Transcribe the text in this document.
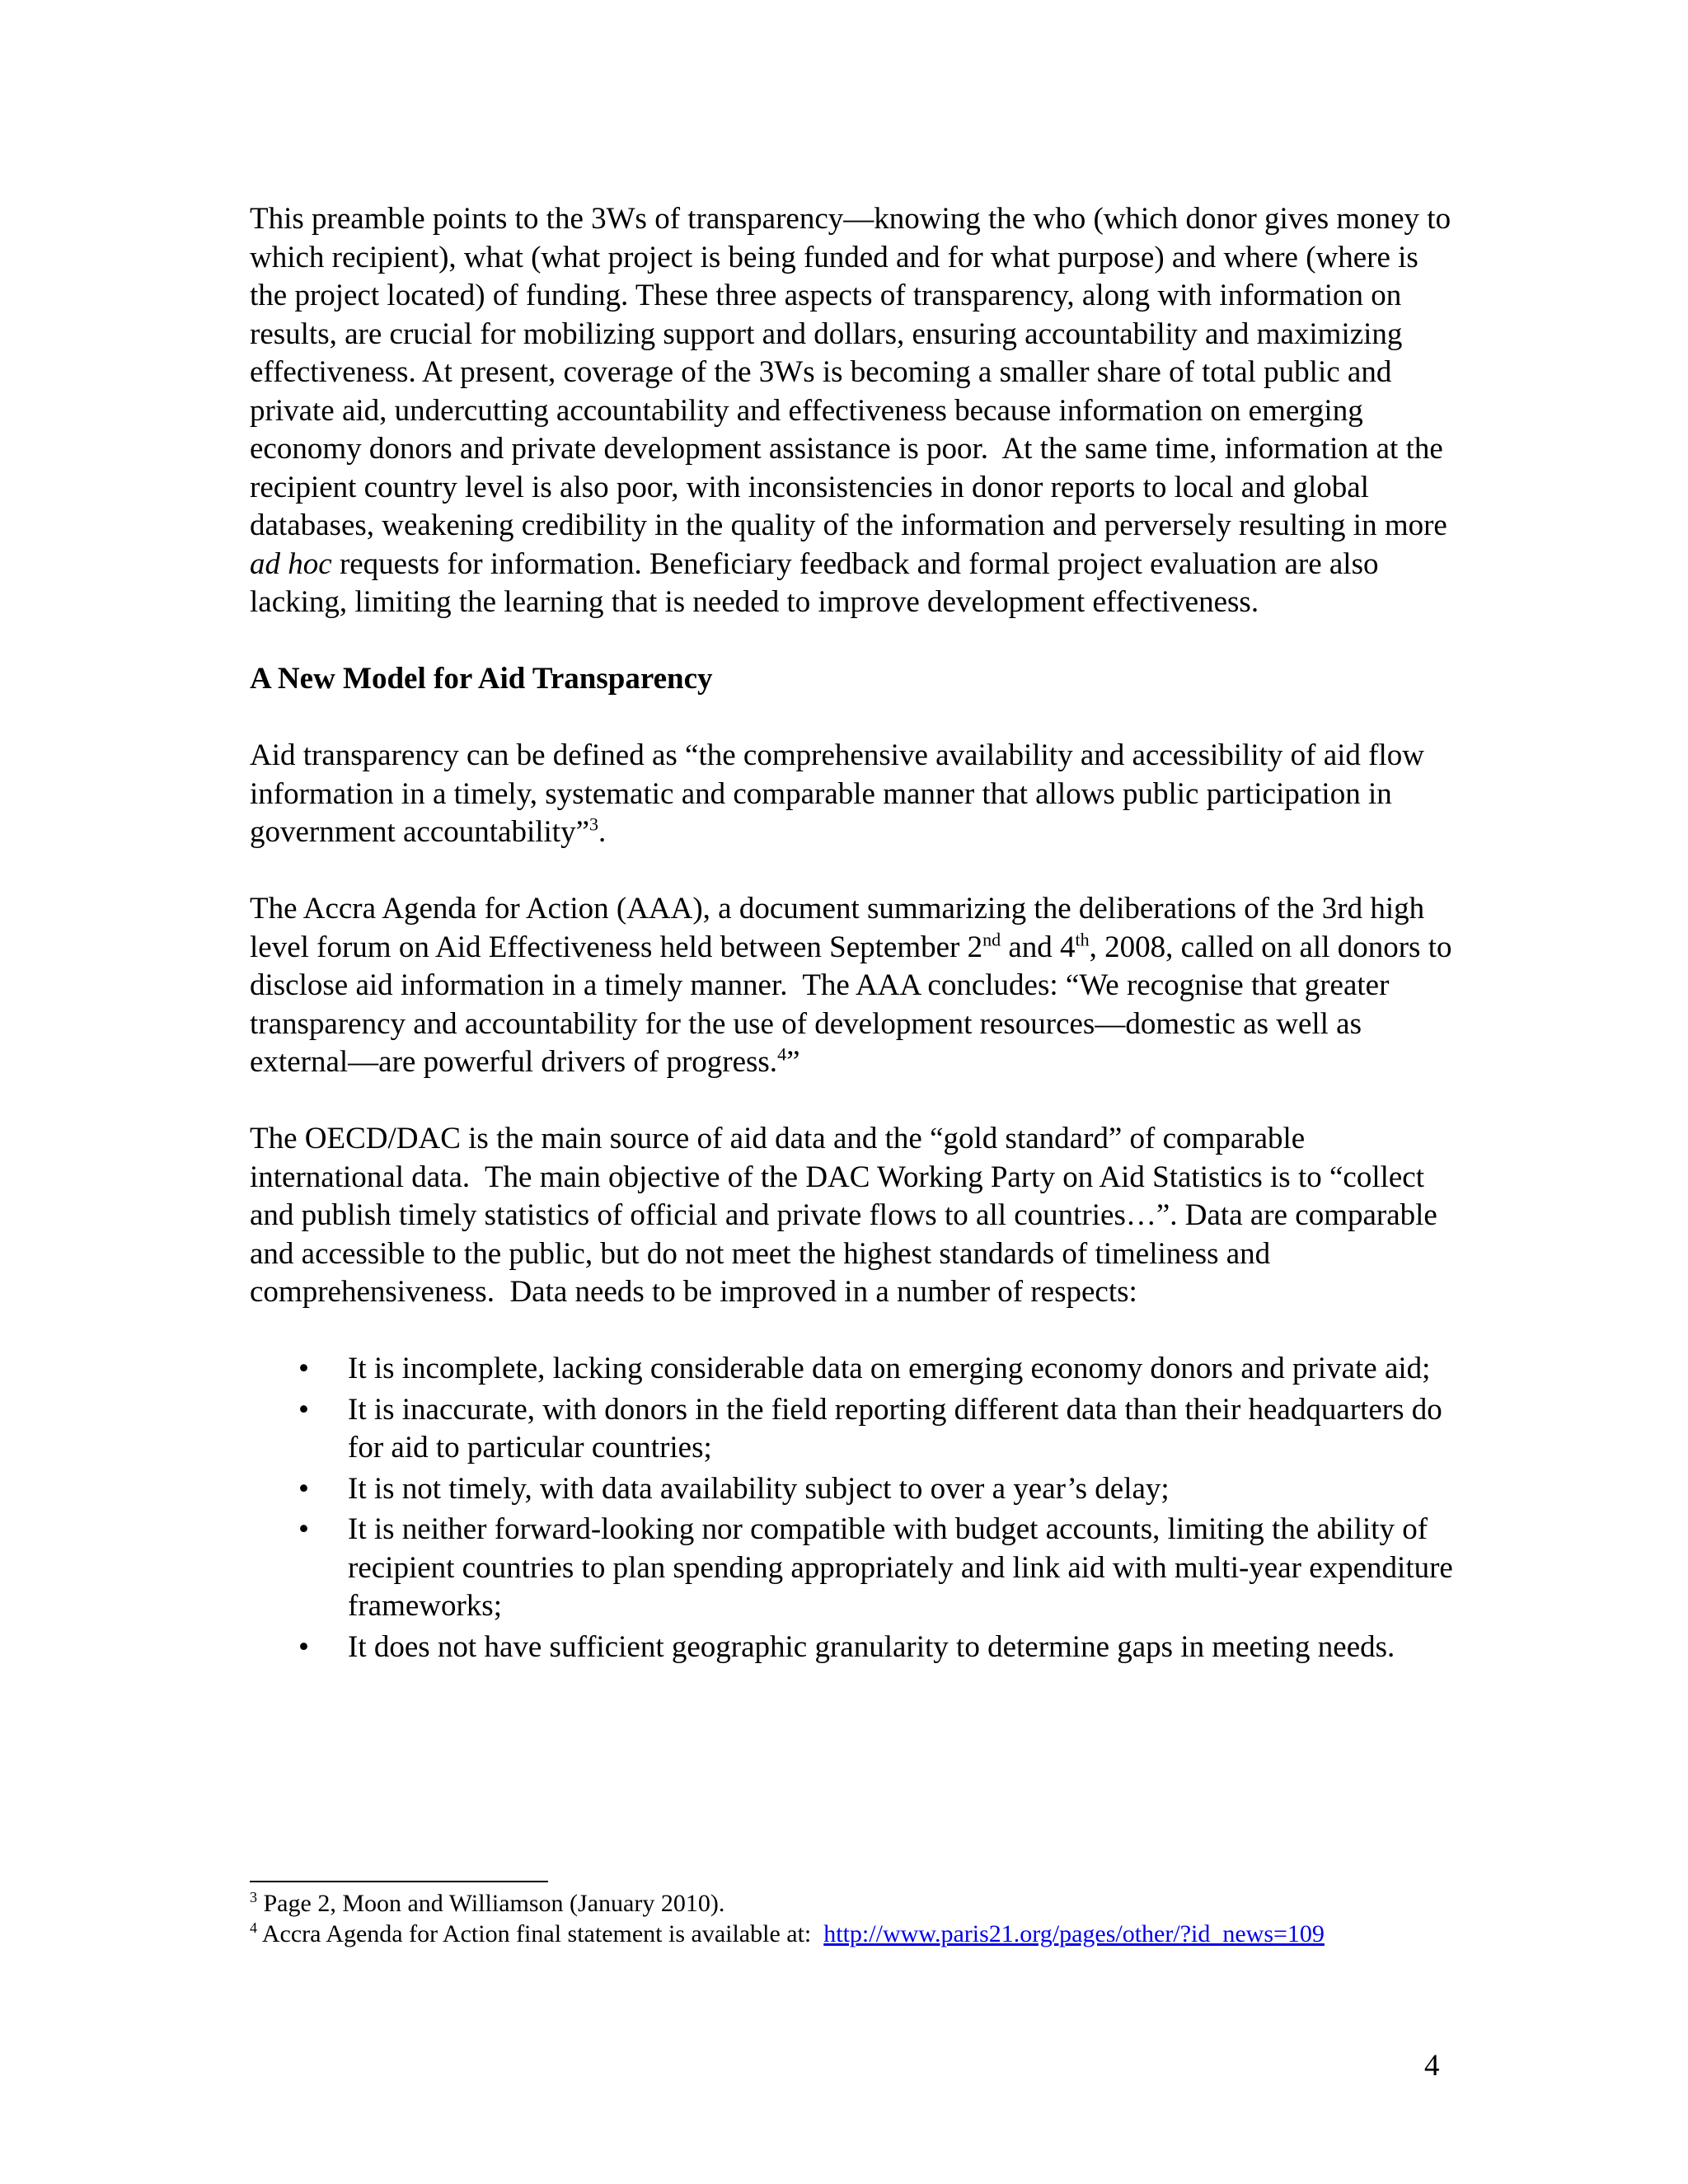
This preamble points to the 3Ws of transparency—knowing the who (which donor gives money to which recipient), what (what project is being funded and for what purpose) and where (where is the project located) of funding. These three aspects of transparency, along with information on results, are crucial for mobilizing support and dollars, ensuring accountability and maximizing effectiveness. At present, coverage of the 3Ws is becoming a smaller share of total public and private aid, undercutting accountability and effectiveness because information on emerging economy donors and private development assistance is poor.  At the same time, information at the recipient country level is also poor, with inconsistencies in donor reports to local and global databases, weakening credibility in the quality of the information and perversely resulting in more ad hoc requests for information. Beneficiary feedback and formal project evaluation are also lacking, limiting the learning that is needed to improve development effectiveness.

A New Model for Aid Transparency

Aid transparency can be defined as “the comprehensive availability and accessibility of aid flow information in a timely, systematic and comparable manner that allows public participation in government accountability”$^3$.

The Accra Agenda for Action (AAA), a document summarizing the deliberations of the 3rd high level forum on Aid Effectiveness held between September 2nd and 4th, 2008, called on all donors to disclose aid information in a timely manner.  The AAA concludes: “We recognise that greater transparency and accountability for the use of development resources—domestic as well as external—are powerful drivers of progress.$^4$”

The OECD/DAC is the main source of aid data and the “gold standard” of comparable international data.  The main objective of the DAC Working Party on Aid Statistics is to “collect and publish timely statistics of official and private flows to all countries…”. Data are comparable and accessible to the public, but do not meet the highest standards of timeliness and comprehensiveness.  Data needs to be improved in a number of respects:

• It is incomplete, lacking considerable data on emerging economy donors and private aid;
• It is inaccurate, with donors in the field reporting different data than their headquarters do for aid to particular countries;
• It is not timely, with data availability subject to over a year’s delay;
• It is neither forward-looking nor compatible with budget accounts, limiting the ability of recipient countries to plan spending appropriately and link aid with multi-year expenditure frameworks;
• It does not have sufficient geographic granularity to determine gaps in meeting needs.

$^3$ Page 2, Moon and Williamson (January 2010).

$^4$ Accra Agenda for Action final statement is available at:  http://www.paris21.org/pages/other/?id_news=109

4
